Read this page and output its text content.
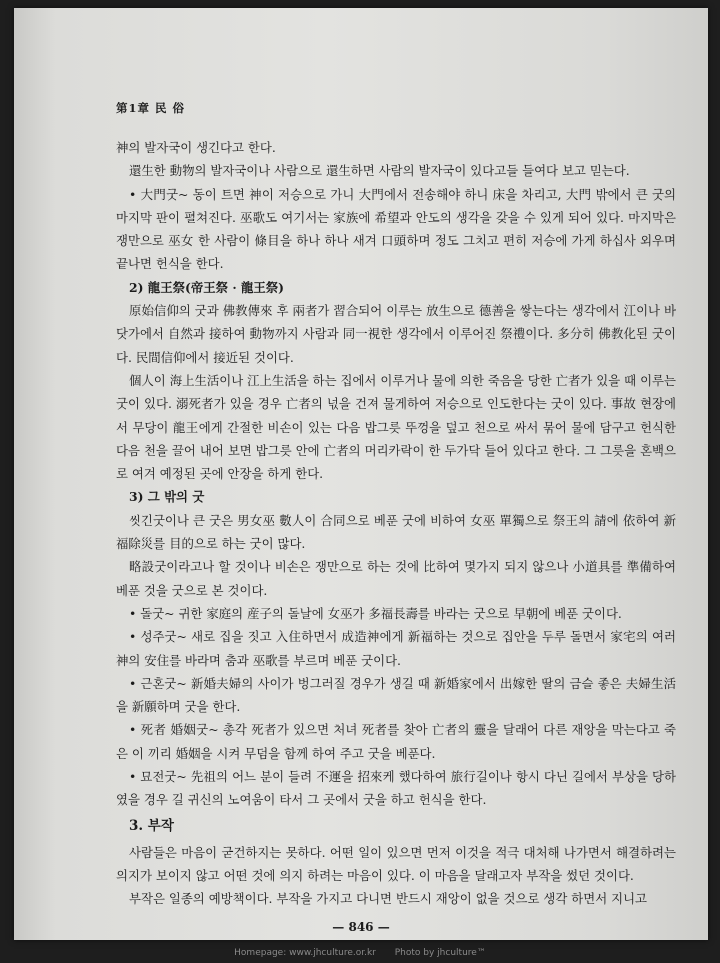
第1章 民 俗

神의 발자국이 생긴다고 한다.

還生한 動物의 발자국이나 사람으로 還生하면 사람의 발자국이 있다고들 들여다 보고 믿는다.

• 大門굿~ 동이 트면 神이 저승으로 가니 大門에서 전송해야 하니 床을 차리고, 大門 밖에서 큰 굿의 마지막 판이 펼쳐진다. 巫歌도 여기서는 家族에 希望과 안도의 생각을 갖을 수 있게 되어 있다. 마지막은 쟁만으로 巫女 한 사람이 條目을 하나 하나 새겨 口頭하며 정도 그치고 편히 저승에 가게 하십사 외우며 끝나면 헌식을 한다.

2) 龍王祭(帝王祭 · 龍王祭)

原始信仰의 굿과 佛教傳來 후 兩者가 習合되어 이루는 放生으로 德善을 쌓는다는 생각에서 江이나 바닷가에서 自然과 接하여 動物까지 사람과 同一視한 생각에서 이루어진 祭禮이다. 多分히 佛教化된 굿이다. 民間信仰에서 接近된 것이다.

個人이 海上生活이나 江上生活을 하는 집에서 이루거나 물에 의한 죽음을 당한 亡者가 있을 때 이루는 굿이 있다. 溺死者가 있을 경우 亡者의 넋을 건져 물게하여 저승으로 인도한다는 굿이 있다. 事故 현장에서 무당이 龍王에게 간절한 비손이 있는 다음 밥그릇 뚜껑을 덮고 천으로 싸서 묶어 물에 담구고 헌식한 다음 천을 끌어 내어 보면 밥그릇 안에 亡者의 머리카락이 한 두가닥 들어 있다고 한다. 그 그릇을 혼백으로 여겨 예정된 곳에 안장을 하게 한다.

3) 그 밖의 굿

씻긴굿이나 큰 굿은 男女巫 數人이 合同으로 베푼 굿에 비하여 女巫 單獨으로 祭王의 請에 依하여 新福除災를 目的으로 하는 굿이 많다.

略設굿이라고나 할 것이나 비손은 쟁만으로 하는 것에 比하여 몇가지 되지 않으나 小道具를 準備하여 베푼 것을 굿으로 본 것이다.

• 돌굿~ 귀한 家庭의 産子의 돌날에 女巫가 多福長壽를 바라는 굿으로 早朝에 베푼 굿이다.

• 성주굿~ 새로 집을 짓고 入住하면서 成造神에게 新福하는 것으로 집안을 두루 돌면서 家宅의 여러 神의 安住를 바라며 춤과 巫歌를 부르며 베푼 굿이다.

• 근혼굿~ 新婚夫婦의 사이가 벙그러질 경우가 생길 때 新婚家에서 出嫁한 딸의 금슬 좋은 夫婦生活을 新願하며 굿을 한다.

• 死者 婚姻굿~ 총각 死者가 있으면 처녀 死者를 찾아 亡者의 靈을 달래어 다른 재앙을 막는다고 죽은 이 끼리 婚姻을 시켜 무덤을 함께 하여 주고 굿을 베푼다.

• 묘전굿~ 先祖의 어느 분이 들려 不運을 招來케 했다하여 旅行길이나 항시 다닌 길에서 부상을 당하였을 경우 길 귀신의 노여움이 타서 그 곳에서 굿을 하고 헌식을 한다.

3. 부작

사람들은 마음이 굳건하지는 못하다. 어떤 일이 있으면 먼저 이것을 적극 대처해 나가면서 해결하려는 의지가 보이지 않고 어떤 것에 의지 하려는 마음이 있다. 이 마음을 달래고자 부작을 썼던 것이다.

부작은 일종의 예방책이다. 부작을 가지고 다니면 반드시 재앙이 없을 것으로 생각 하면서 지니고

— 846 —
Homepage: www.jhculture.or.kr Photo by jhculture™
